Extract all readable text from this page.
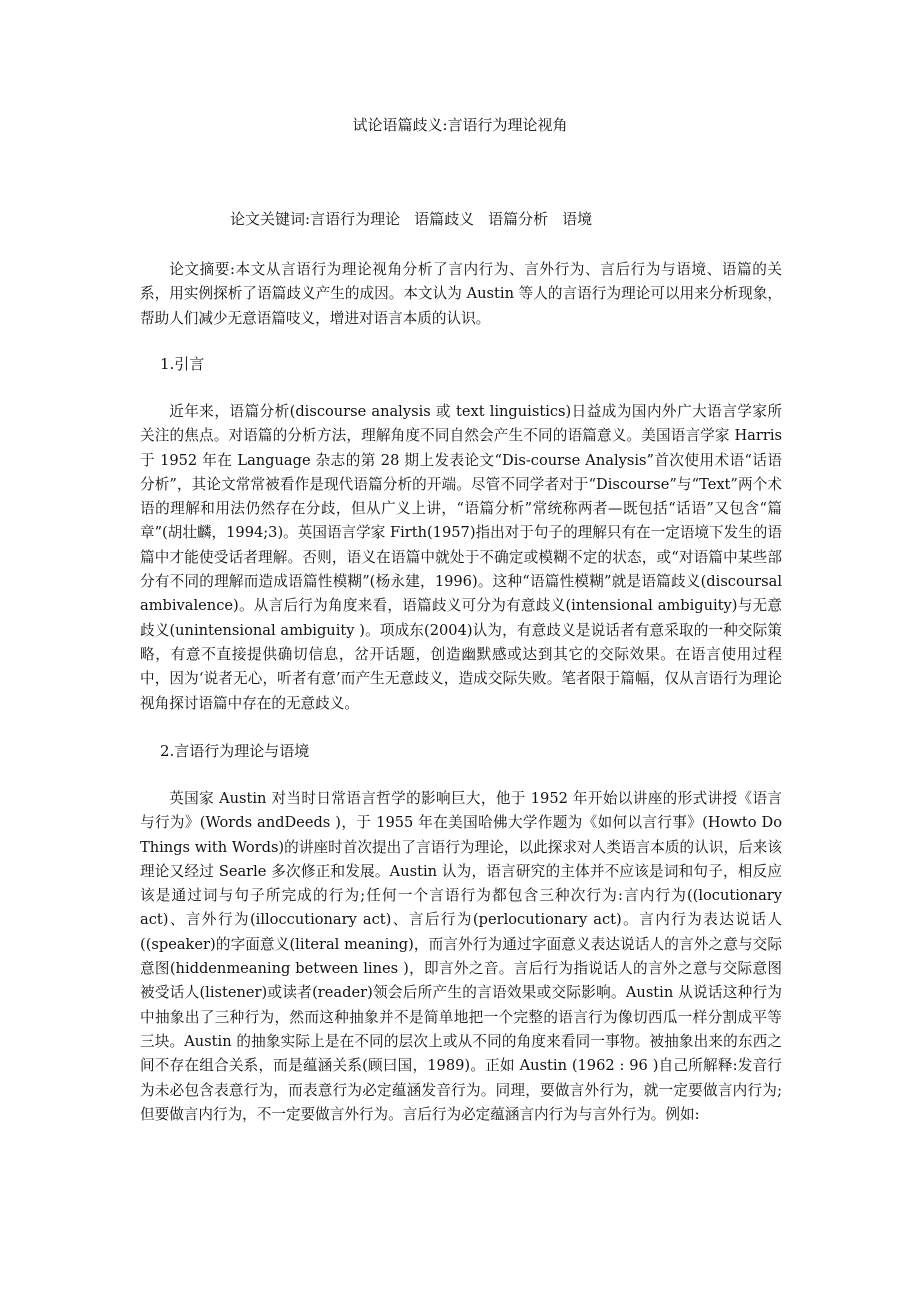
试论语篇歧义:言语行为理论视角
论文关键词:言语行为理论 语篇歧义 语篇分析 语境

论文摘要:本文从言语行为理论视角分析了言内行为、言外行为、言后行为与语境、语篇的关系，用实例探析了语篇歧义产生的成因。本文认为 Austin 等人的言语行为理论可以用来分析现象，帮助人们减少无意语篇吱义，增进对语言本质的认识。

1.引言

近年来，语篇分析(discourse analysis 或 text linguistics)日益成为国内外广大语言学家所关注的焦点。对语篇的分析方法，理解角度不同自然会产生不同的语篇意义。美国语言学家 Harris 于 1952 年在 Language 杂志的第 28 期上发表论文“Dis-course Analysis”首次使用术语“话语分析”，其论文常常被看作是现代语篇分析的开端。尽管不同学者对于“Discourse”与“Text”两个术语的理解和用法仍然存在分歧，但从广义上讲，“语篇分析”常统称两者—既包括“话语”又包含“篇章”(胡壮麟，1994;3)。英国语言学家 Firth(1957)指出对于句子的理解只有在一定语境下发生的语篇中才能使受话者理解。否则，语义在语篇中就处于不确定或模糊不定的状态，或“对语篇中某些部分有不同的理解而造成语篇性模糊”(杨永建，1996)。这种“语篇性模糊”就是语篇歧义(discoursal ambivalence)。从言后行为角度来看，语篇歧义可分为有意歧义(intensional ambiguity)与无意歧义(unintensional ambiguity )。项成东(2004)认为，有意歧义是说话者有意采取的一种交际策略，有意不直接提供确切信息，岔开话题，创造幽默感或达到其它的交际效果。在语言使用过程中，因为‘说者无心，听者有意’而产生无意歧义，造成交际失败。笔者限于篇幅，仅从言语行为理论视角探讨语篇中存在的无意歧义。

2.言语行为理论与语境

英国家 Austin 对当时日常语言哲学的影响巨大，他于 1952 年开始以讲座的形式讲授《语言与行为》(Words andDeeds )，于 1955 年在美国哈佛大学作题为《如何以言行事》(Howto Do Things with Words)的讲座时首次提出了言语行为理论，以此探求对人类语言本质的认识，后来该理论又经过 Searle 多次修正和发展。Austin 认为，语言研究的主体并不应该是词和句子，相反应该是通过词与句子所完成的行为;任何一个言语行为都包含三种次行为:言内行为((locutionary act)、言外行为(illoccutionary act)、言后行为(perlocutionary act)。言内行为表达说话人((speaker)的字面意义(literal meaning)，而言外行为通过字面意义表达说话人的言外之意与交际意图(hiddenmeaning between lines )，即言外之音。言后行为指说话人的言外之意与交际意图被受话人(listener)或读者(reader)领会后所产生的言语效果或交际影响。Austin 从说话这种行为中抽象出了三种行为，然而这种抽象并不是简单地把一个完整的语言行为像切西瓜一样分割成平等三块。Austin 的抽象实际上是在不同的层次上或从不同的角度来看同一事物。被抽象出来的东西之间不存在组合关系，而是蕴涵关系(顾曰国，1989)。正如 Austin (1962 : 96 )自己所解释:发音行为未必包含表意行为，而表意行为必定蕴涵发音行为。同理，要做言外行为，就一定要做言内行为;但要做言内行为，不一定要做言外行为。言后行为必定蕴涵言内行为与言外行为。例如:
